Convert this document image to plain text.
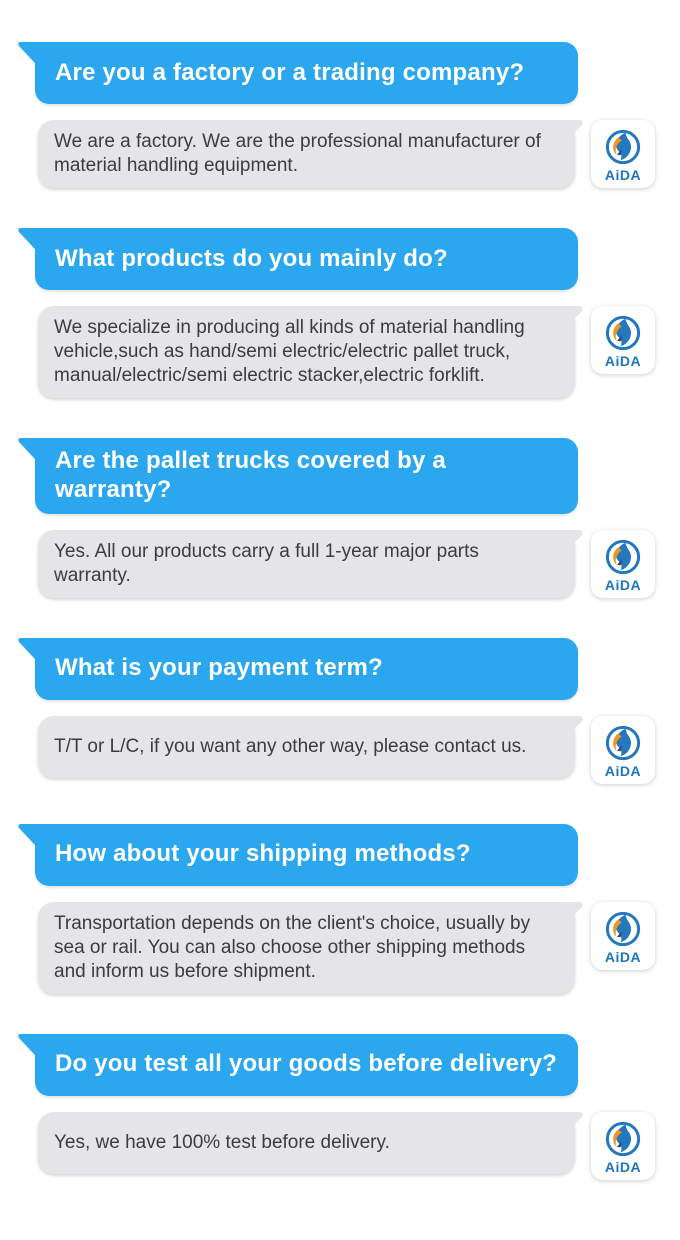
Are you a factory or a trading company?

We are a factory. We are the professional manufacturer of material handling equipment.	AiDA
What products do you mainly do?

We specialize in producing all kinds of material handling vehicle,such as hand/semi electric/electric pallet truck, manual/electric/semi electric stacker,electric forklift.

AiDA
Are the pallet trucks covered by a warranty?

Yes. All our products carry a full 1-year major parts warranty.	AiDA
What is your payment term?

T/T or L/C, if you want any other way, please contact us.

AiDA
How about your shipping methods?

Transportation depends on the client's choice, usually by sea or rail. You can also choose other shipping methods and inform us before shipment.

AiDA
Do you test all your goods before delivery?

Yes, we have 100% test before delivery.

AiDA
